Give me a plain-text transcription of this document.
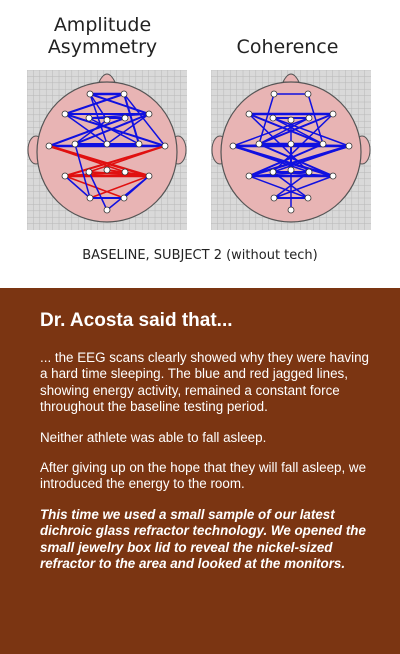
Amplitude
Asymmetry	Coherence
BASELINE, SUBJECT 2 (without tech)
Dr. Acosta said that...

... the EEG scans clearly showed why they were having a hard time sleeping. The blue and red jagged lines, showing energy activity, remained a constant force throughout the baseline testing period.

Neither athlete was able to fall asleep.

After giving up on the hope that they will fall asleep, we introduced the energy to the room.

This time we used a small sample of our latest dichroic glass refractor technology. We opened the small jewelry box lid to reveal the nickel-sized refractor to the area and looked at the monitors.
